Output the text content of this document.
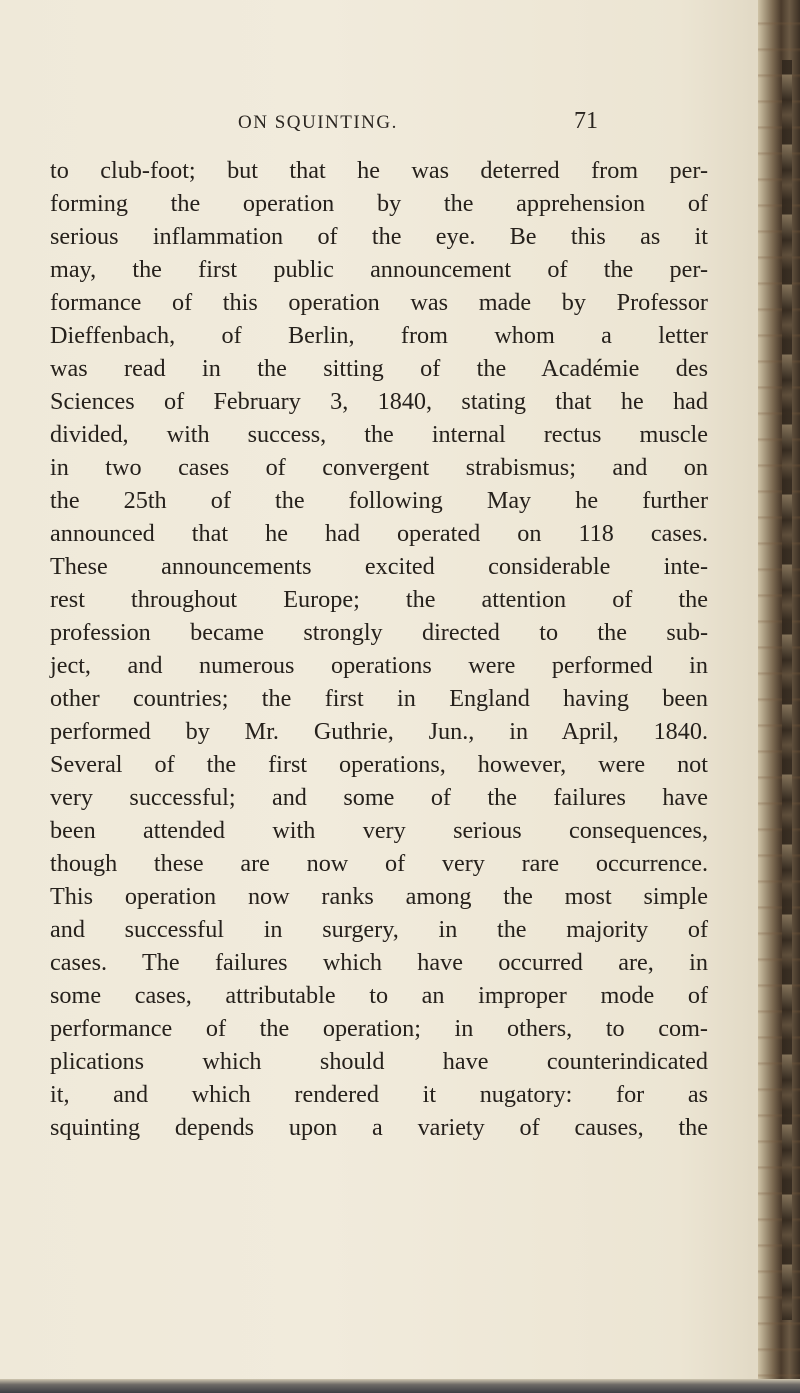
ON SQUINTING.	71
to club-foot; but that he was deterred from per-
forming the operation by the apprehension of
serious inflammation of the eye. Be this as it
may, the first public announcement of the per-
formance of this operation was made by Professor
Dieffenbach, of Berlin, from whom a letter
was read in the sitting of the Académie des
Sciences of February 3, 1840, stating that he had
divided, with success, the internal rectus muscle
in two cases of convergent strabismus; and on
the 25th of the following May he further
announced that he had operated on 118 cases.
These announcements excited considerable inte-
rest throughout Europe; the attention of the
profession became strongly directed to the sub-
ject, and numerous operations were performed in
other countries; the first in England having been
performed by Mr. Guthrie, Jun., in April, 1840.
Several of the first operations, however, were not
very successful; and some of the failures have
been attended with very serious consequences,
though these are now of very rare occurrence.
This operation now ranks among the most simple
and successful in surgery, in the majority of
cases. The failures which have occurred are, in
some cases, attributable to an improper mode of
performance of the operation; in others, to com-
plications which should have counterindicated
it, and which rendered it nugatory: for as
squinting depends upon a variety of causes, the
